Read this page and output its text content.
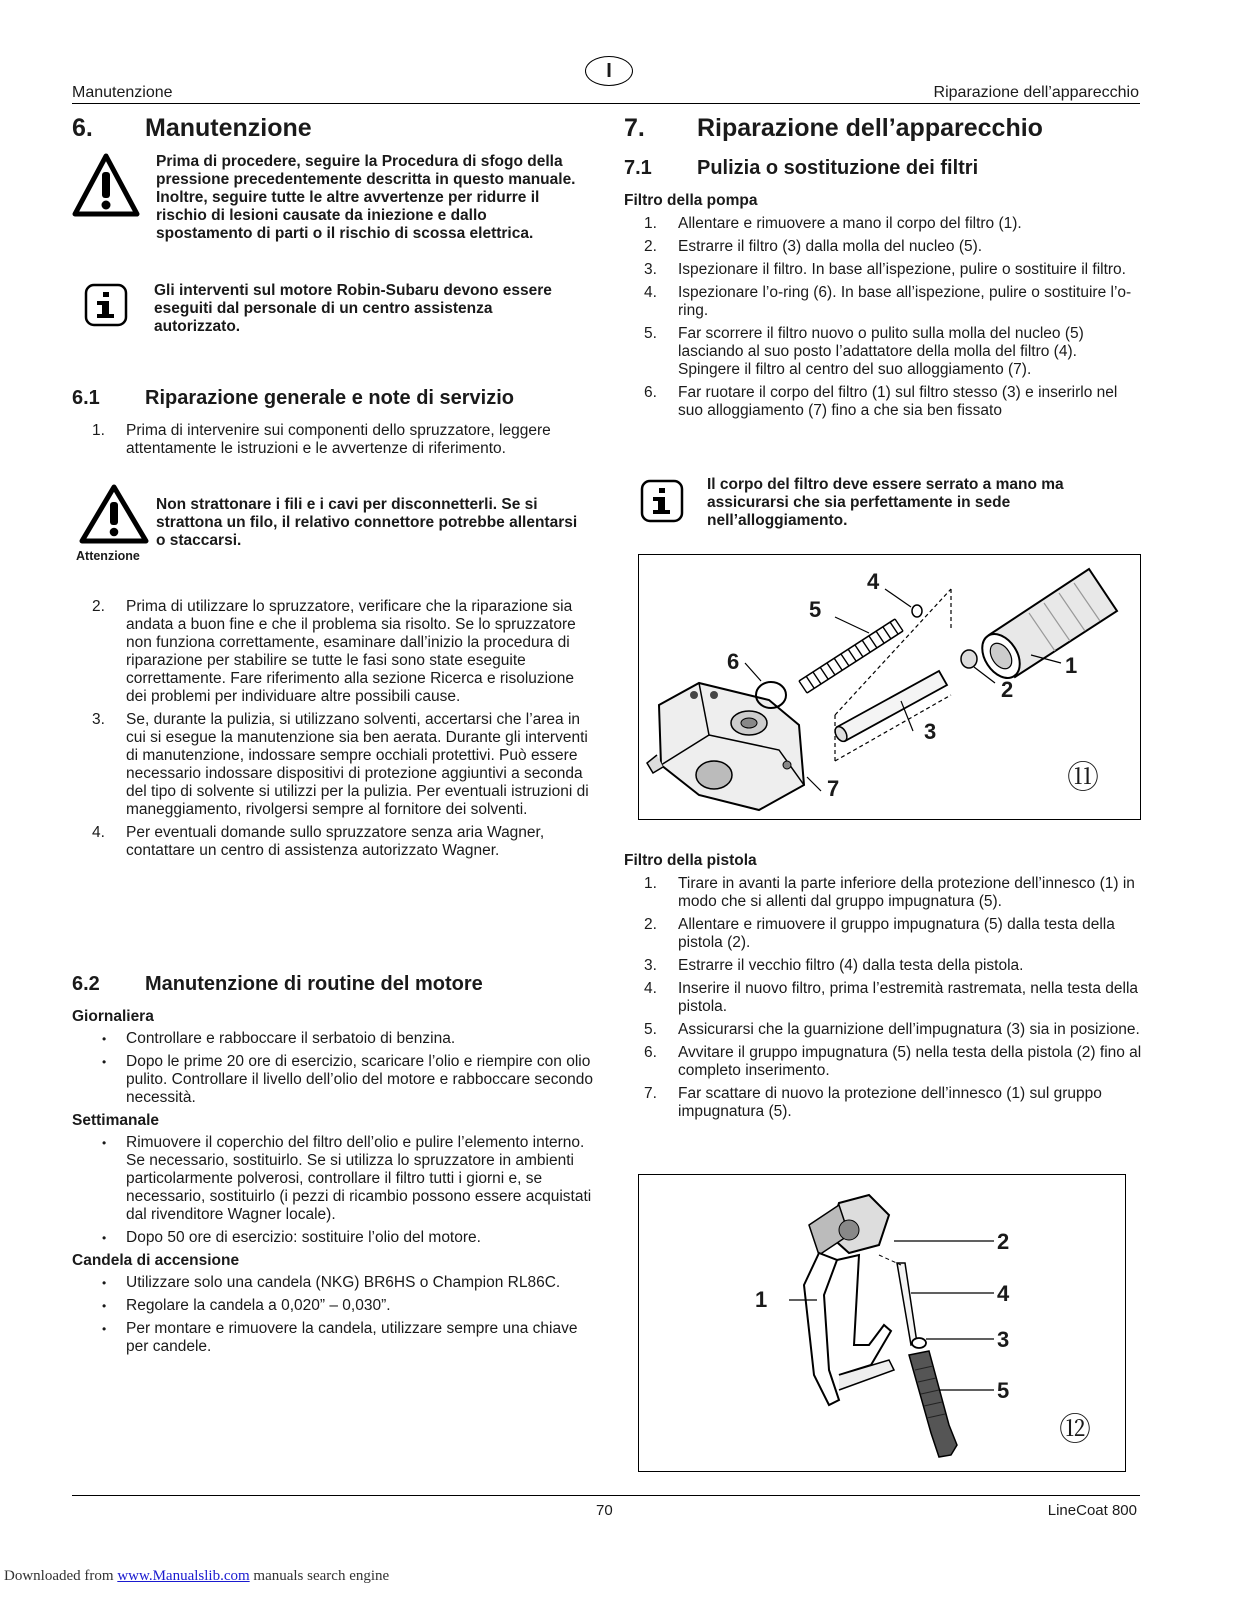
I
Manutenzione	Riparazione dell’apparecchio
6. Manutenzione
Prima di procedere, seguire la Procedura di sfogo della pressione precedentemente descritta in questo manuale. Inoltre, seguire tutte le altre avvertenze per ridurre il rischio di lesioni causate da iniezione e dallo spostamento di parti o il rischio di scossa elettrica.
Gli interventi sul motore Robin-Subaru devono essere eseguiti dal personale di un centro assistenza autorizzato.
6.1 Riparazione generale e note di servizio
1. Prima di intervenire sui componenti dello spruzzatore, leggere attentamente le istruzioni e le avvertenze di riferimento.
Attenzione
Non strattonare i fili e i cavi per disconnetterli. Se si strattona un filo, il relativo connettore potrebbe allentarsi o staccarsi.
2. Prima di utilizzare lo spruzzatore, verificare che la riparazione sia andata a buon fine e che il problema sia risolto. Se lo spruzzatore non funziona correttamente, esaminare dall’inizio la procedura di riparazione per stabilire se tutte le fasi sono state eseguite correttamente. Fare riferimento alla sezione Ricerca e risoluzione dei problemi per individuare altre possibili cause.
3. Se, durante la pulizia, si utilizzano solventi, accertarsi che l’area in cui si esegue la manutenzione sia ben aerata. Durante gli interventi di manutenzione, indossare sempre occhiali protettivi. Può essere necessario indossare dispositivi di protezione aggiuntivi a seconda del tipo di solvente si utilizzi per la pulizia. Per eventuali istruzioni di maneggiamento, rivolgersi sempre al fornitore dei solventi.
4. Per eventuali domande sullo spruzzatore senza aria Wagner, contattare un centro di assistenza autorizzato Wagner.
6.2 Manutenzione di routine del motore
Giornaliera
• Controllare e rabboccare il serbatoio di benzina.
• Dopo le prime 20 ore di esercizio, scaricare l’olio e riempire con olio pulito. Controllare il livello dell’olio del motore e rabboccare secondo necessità.
Settimanale
• Rimuovere il coperchio del filtro dell’olio e pulire l’elemento interno. Se necessario, sostituirlo. Se si utilizza lo spruzzatore in ambienti particolarmente polverosi, controllare il filtro tutti i giorni e, se necessario, sostituirlo (i pezzi di ricambio possono essere acquistati dal rivenditore Wagner locale).
• Dopo 50 ore di esercizio: sostituire l’olio del motore.
Candela di accensione
• Utilizzare solo una candela (NKG) BR6HS o Champion RL86C.
• Regolare la candela a 0,020” – 0,030”.
• Per montare e rimuovere la candela, utilizzare sempre una chiave per candele.
7. Riparazione dell’apparecchio
7.1 Pulizia o sostituzione dei filtri
Filtro della pompa
1. Allentare e rimuovere a mano il corpo del filtro (1).
2. Estrarre il filtro (3) dalla molla del nucleo (5).
3. Ispezionare il filtro. In base all’ispezione, pulire o sostituire il filtro.
4. Ispezionare l’o-ring (6). In base all’ispezione, pulire o sostituire l’o-ring.
5. Far scorrere il filtro nuovo o pulito sulla molla del nucleo (5) lasciando al suo posto l’adattatore della molla del filtro (4). Spingere il filtro al centro del suo alloggiamento (7).
6. Far ruotare il corpo del filtro (1) sul filtro stesso (3) e inserirlo nel suo alloggiamento (7) fino a che sia ben fissato
Il corpo del filtro deve essere serrato a mano ma assicurarsi che sia perfettamente in sede nell’alloggiamento.
4
5
6	1
2
3
7	⑪
Filtro della pistola
1. Tirare in avanti la parte inferiore della protezione dell’innesco (1) in modo che si allenti dal gruppo impugnatura (5).
2. Allentare e rimuovere il gruppo impugnatura (5) dalla testa della pistola (2).
3. Estrarre il vecchio filtro (4) dalla testa della pistola.
4. Inserire il nuovo filtro, prima l’estremità rastremata, nella testa della pistola.
5. Assicurarsi che la guarnizione dell’impugnatura (3) sia in posizione.
6. Avvitare il gruppo impugnatura (5) nella testa della pistola (2) fino al completo inserimento.
7. Far scattare di nuovo la protezione dell’innesco (1) sul gruppo impugnatura (5).
2
1	4
3
5
⑫
70	LineCoat 800
Downloaded from www.Manualslib.com manuals search engine
